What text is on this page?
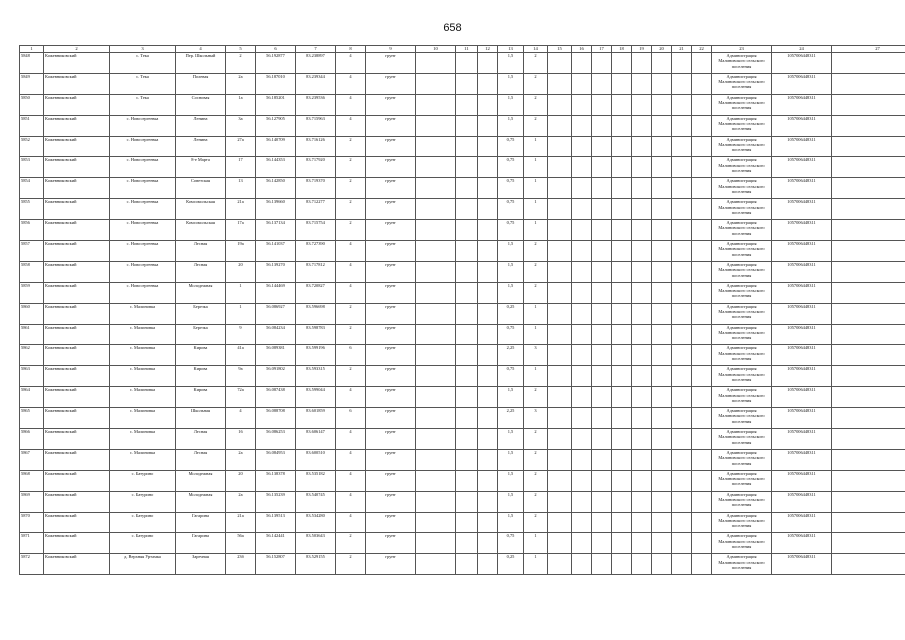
658
1	2	3	4	5	6	7	8	9	10	11	12	13	14	15	16	17	18	19	20	21	22	23	24	27
5848	Кожевниковский	с. Тека	Пер. Школьный	2	56.192877	83.238897	4	грунт				1,5	2									Администрация Малиновского сельского поселения	1057006448311	
5849	Кожевниковский	с. Тека	Полевая	2а	56.187010	83.239344	4	грунт				1,5	2									Администрация Малиновского сельского поселения	1057006448311	
5850	Кожевниковский	с. Тека	Сосновая	1а	56.185201	83.239536	4	грунт				1,5	2									Администрация Малиновского сельского поселения	1057006448311	
5851	Кожевниковский	с. Новосергеевка	Ленина	3а	56.127905	83.715963	4	грунт				1,5	2									Администрация Малиновского сельского поселения	1057006448311	
5852	Кожевниковский	с. Новосергеевка	Ленина	27а	56.140709	83.716126	2	грунт				0,75	1									Администрация Малиновского сельского поселения	1057006448311	
5853	Кожевниковский	с. Новосергеевка	8-е Марта	17	56.144353	83.717920	2	грунт				0,75	1									Администрация Малиновского сельского поселения	1057006448311	
5854	Кожевниковский	с. Новосергеевка	Советская	13	56.142850	83.719370	2	грунт				0,75	1									Администрация Малиновского сельского поселения	1057006448311	
5855	Кожевниковский	с. Новосергеевка	Комсомольская	21а	56.139660	83.712277	2	грунт				0,75	1									Администрация Малиновского сельского поселения	1057006448311	
5856	Кожевниковский	с. Новосергеевка	Комсомольская	17а	56.137134	83.715754	2	грунт				0,75	1									Администрация Малиновского сельского поселения	1057006448311	
5857	Кожевниковский	с. Новосергеевка	Лесная	19а	56.141037	83.727390	4	грунт				1,5	2									Администрация Малиновского сельского поселения	1057006448311	
5858	Кожевниковский	с. Новосергеевка	Лесная	20	56.139270	83.717812	4	грунт				1,5	2									Администрация Малиновского сельского поселения	1057006448311	
5859	Кожевниковский	с. Новосергеевка	Молодежная	1	56.144469	83.720827	4	грунт				1,5	2									Администрация Малиновского сельского поселения	1057006448311	
5860	Кожевниковский	с. Малиновка	Березка	1	56.086927	83.596698	2	грунт				0,25	1									Администрация Малиновского сельского поселения	1057006448311	
5861	Кожевниковский	с. Малиновка	Березка	9	56.084234	83.598783	2	грунт				0,75	1									Администрация Малиновского сельского поселения	1057006448311	
5862	Кожевниковский	с. Малиновка	Кирова	41а	56.089381	83.599196	6	грунт				2,25	3									Администрация Малиновского сельского поселения	1057006448311	
5863	Кожевниковский	с. Малиновка	Кирова	9а	56.091802	83.593315	2	грунт				0,75	1									Администрация Малиновского сельского поселения	1057006448311	
5864	Кожевниковский	с. Малиновка	Кирова	72а	56.087438	83.599044	4	грунт				1,5	2									Администрация Малиновского сельского поселения	1057006448311	
5865	Кожевниковский	с. Малиновка	Школьная	4	56.088708	83.601859	6	грунт				2,25	3									Администрация Малиновского сельского поселения	1057006448311	
5866	Кожевниковский	с. Малиновка	Лесная	16	56.086253	83.606147	4	грунт				1,5	2									Администрация Малиновского сельского поселения	1057006448311	
5867	Кожевниковский	с. Малиновка	Лесная	2а	56.084953	83.600510	4	грунт				1,5	2									Администрация Малиновского сельского поселения	1057006448311	
5868	Кожевниковский	с. Батурино	Молодежная	20	56.138378	83.535182	4	грунт				1,5	2									Администрация Малиновского сельского поселения	1057006448311	
5869	Кожевниковский	с. Батурино	Молодежная	2а	56.135239	83.540745	4	грунт				1,5	2									Администрация Малиновского сельского поселения	1057006448311	
5870	Кожевниковский	с. Батурино	Гагарина	21а	56.139513	83.534280	4	грунт				1,5	2									Администрация Малиновского сельского поселения	1057006448311	
5871	Кожевниковский	с. Батурино	Гагарина	56а	56.142441	83.503643	2	грунт				0,75	1									Администрация Малиновского сельского поселения	1057006448311	
5872	Кожевниковский	д. Верхняя Уртамка	Заречная	23б	56.152807	83.529155	2	грунт				0,25	1									Администрация Малиновского сельского поселения	1057006448311	
